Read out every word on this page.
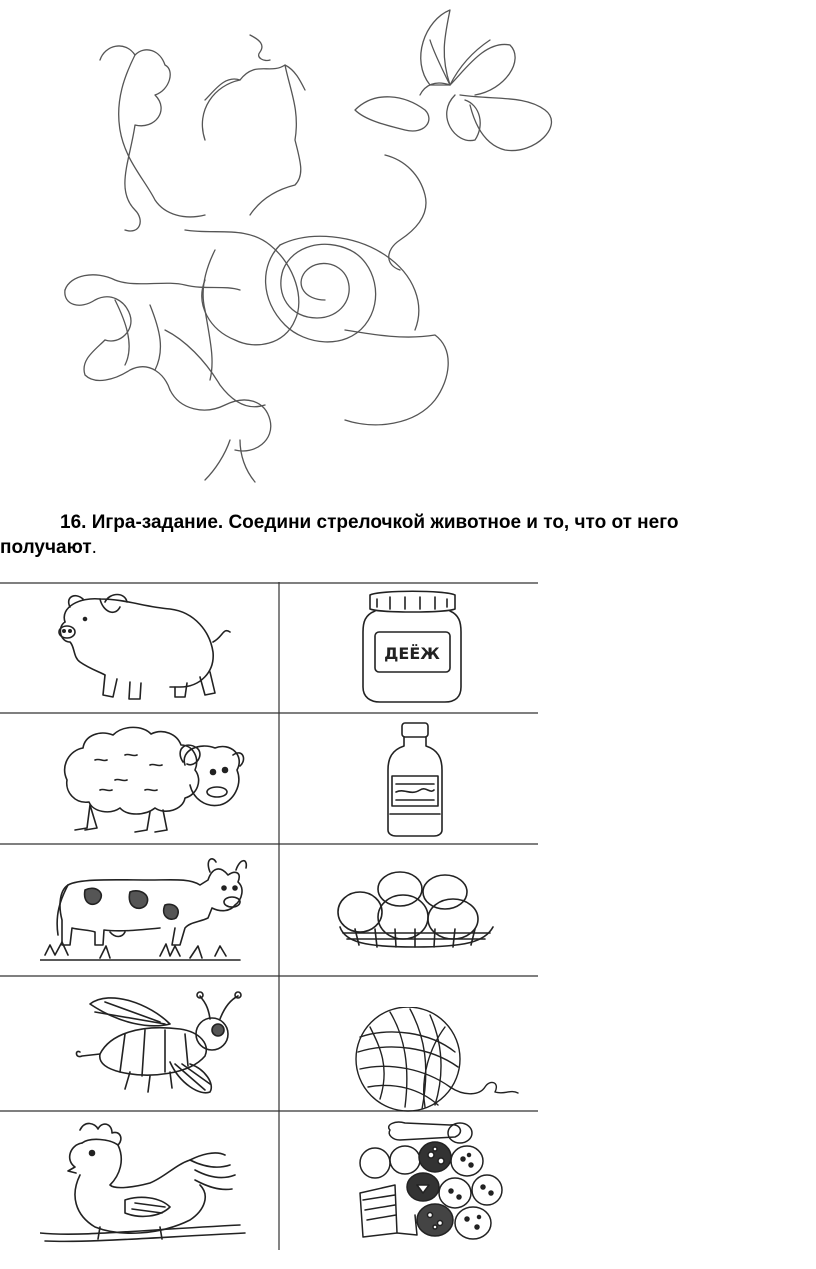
16. Игра-задание. Соедини стрелочкой животное и то, что от него
получают.
ДЕЁЖ
